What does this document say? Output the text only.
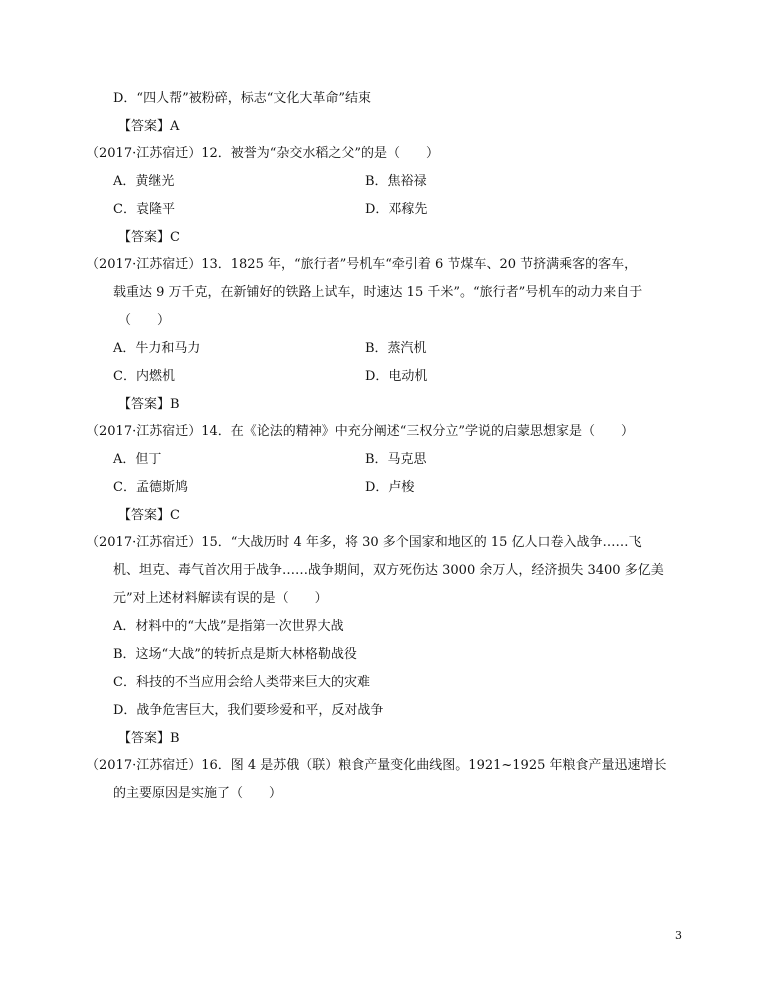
D．“四人帮”被粉碎，标志“文化大革命”结束
【答案】A
（2017·江苏宿迁）12．被誉为“杂交水稻之父”的是（　　）
A．黄继光	B．焦裕禄
C．袁隆平	D．邓稼先
【答案】C
（2017·江苏宿迁）13．1825 年，“旅行者”号机车“牵引着 6 节煤车、20 节挤满乘客的客车，
载重达 9 万千克，在新铺好的铁路上试车，时速达 15 千米”。“旅行者”号机车的动力来自于
（　　）
A．牛力和马力	B．蒸汽机
C．内燃机	D．电动机
【答案】B
（2017·江苏宿迁）14．在《论法的精神》中充分阐述“三权分立”学说的启蒙思想家是（　　）
A．但丁	B．马克思
C．孟德斯鸠	D．卢梭
【答案】C
（2017·江苏宿迁）15．“大战历时 4 年多，将 30 多个国家和地区的 15 亿人口卷入战争……飞
机、坦克、毒气首次用于战争……战争期间，双方死伤达 3000 余万人，经济损失 3400 多亿美
元”对上述材料解读有误的是（　　）
A．材料中的“大战”是指第一次世界大战
B．这场“大战”的转折点是斯大林格勒战役
C．科技的不当应用会给人类带来巨大的灾难
D．战争危害巨大，我们要珍爱和平，反对战争
【答案】B
（2017·江苏宿迁）16．图 4 是苏俄（联）粮食产量变化曲线图。1921~1925 年粮食产量迅速增长
的主要原因是实施了（　　）
3
